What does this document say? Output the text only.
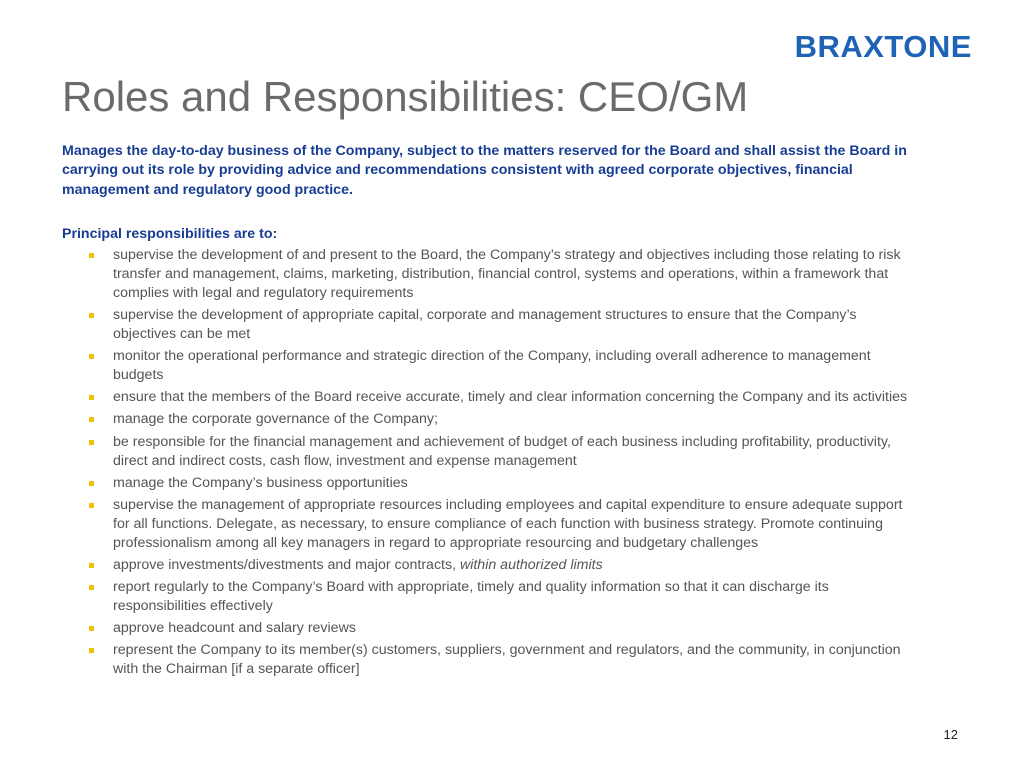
BRAXTONE
Roles and Responsibilities: CEO/GM
Manages the day-to-day business of the Company, subject to the matters reserved for the Board and shall assist the Board in carrying out its role by providing advice and recommendations consistent with agreed corporate objectives, financial management and regulatory good practice.
Principal responsibilities are to:
supervise the development of and present to the Board, the Company’s strategy and objectives including those relating to risk transfer and management, claims, marketing, distribution, financial control, systems and operations, within a framework that complies with legal and regulatory requirements
supervise the development of appropriate capital, corporate and management structures to ensure that the Company’s objectives can be met
monitor the operational performance and strategic direction of the Company, including overall adherence to management budgets
ensure that the members of the Board receive accurate, timely and clear information concerning the Company and its activities
manage the corporate governance of the Company;
be responsible for the financial management and achievement of budget of each business including profitability, productivity, direct and indirect costs, cash flow, investment and expense management
manage the Company’s business opportunities
supervise the management of appropriate resources including employees and capital expenditure to ensure adequate support for all functions. Delegate, as necessary, to ensure compliance of each function with business strategy. Promote continuing professionalism among all key managers in regard to appropriate resourcing and budgetary challenges
approve investments/divestments and major contracts, within authorized limits
report regularly to the Company’s Board with appropriate, timely and quality information so that it can discharge its responsibilities effectively
approve headcount and salary reviews
represent the Company to its member(s) customers, suppliers, government and regulators, and the community, in conjunction with the Chairman [if a separate officer]
12
